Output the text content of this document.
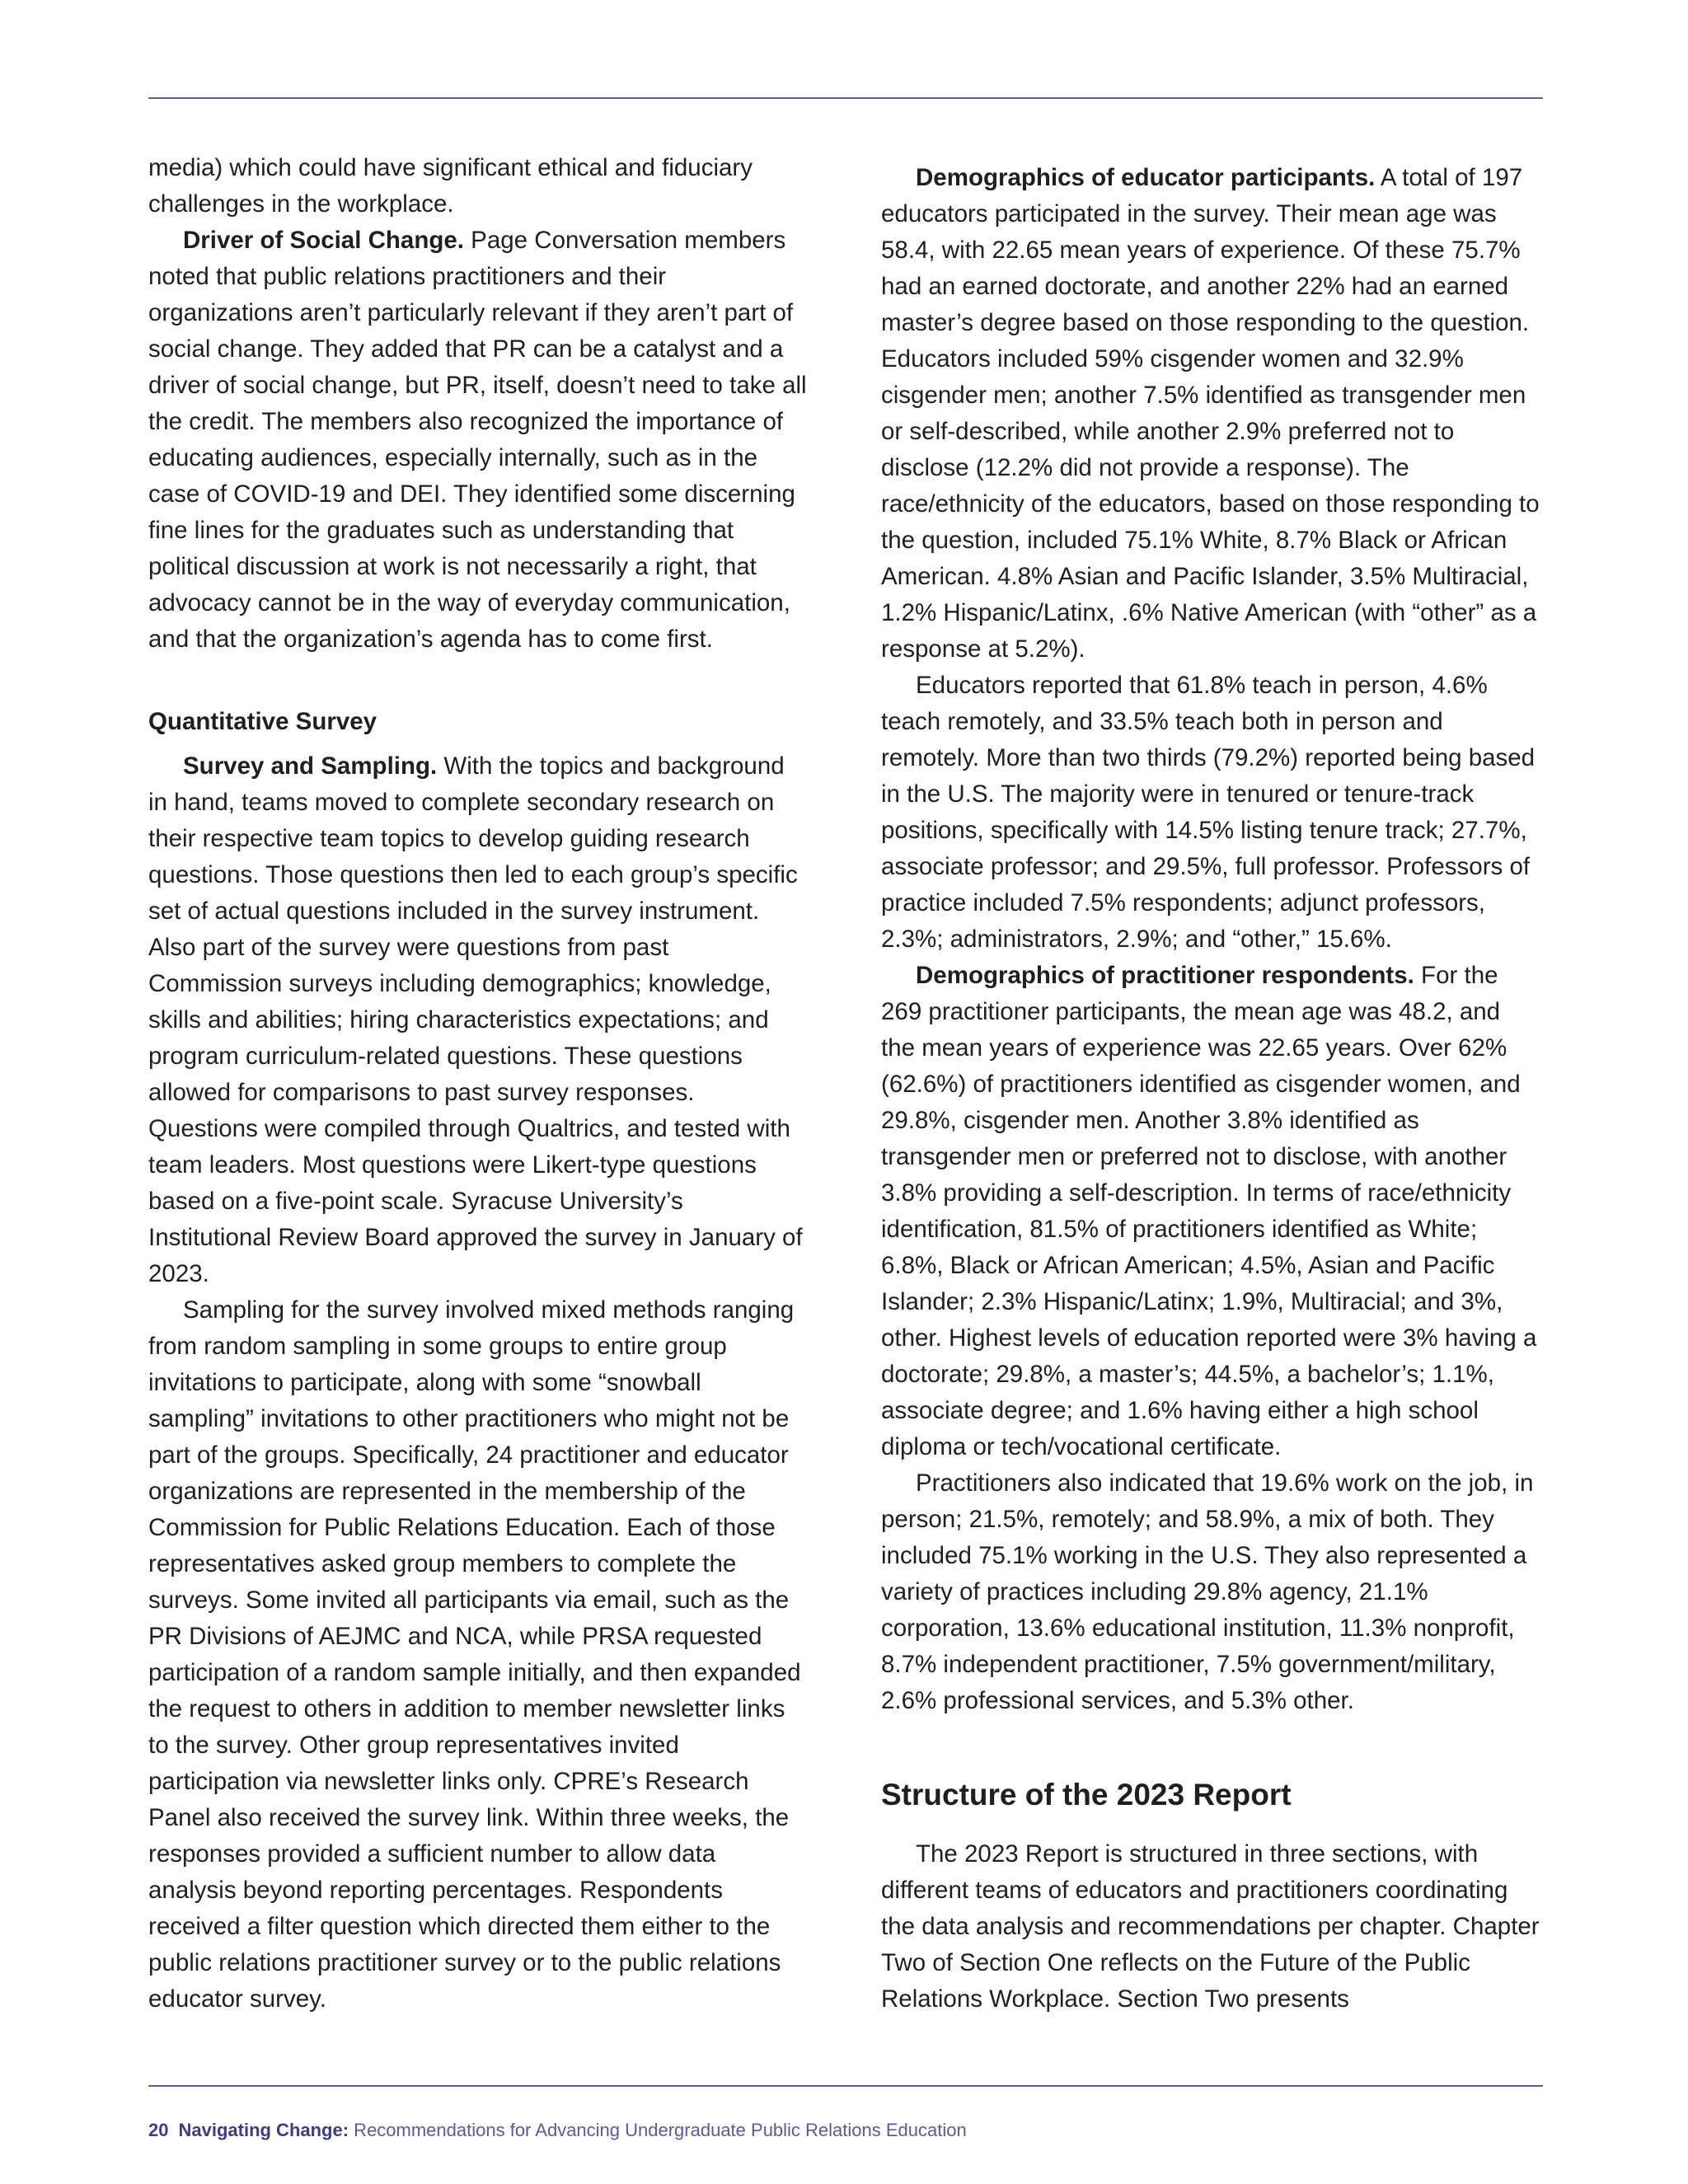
media) which could have significant ethical and fiduciary challenges in the workplace.

Driver of Social Change. Page Conversation members noted that public relations practitioners and their organizations aren’t particularly relevant if they aren’t part of social change. They added that PR can be a catalyst and a driver of social change, but PR, itself, doesn’t need to take all the credit. The members also recognized the importance of educating audiences, especially internally, such as in the case of COVID-19 and DEI. They identified some discerning fine lines for the graduates such as understanding that political discussion at work is not necessarily a right, that advocacy cannot be in the way of everyday communication, and that the organization’s agenda has to come first.

Quantitative Survey

Survey and Sampling. With the topics and background in hand, teams moved to complete secondary research on their respective team topics to develop guiding research questions. Those questions then led to each group’s specific set of actual questions included in the survey instrument. Also part of the survey were questions from past Commission surveys including demographics; knowledge, skills and abilities; hiring characteristics expectations; and program curriculum-related questions. These questions allowed for comparisons to past survey responses. Questions were compiled through Qualtrics, and tested with team leaders. Most questions were Likert-type questions based on a five-point scale. Syracuse University’s Institutional Review Board approved the survey in January of 2023.

Sampling for the survey involved mixed methods ranging from random sampling in some groups to entire group invitations to participate, along with some “snowball sampling” invitations to other practitioners who might not be part of the groups. Specifically, 24 practitioner and educator organizations are represented in the membership of the Commission for Public Relations Education. Each of those representatives asked group members to complete the surveys. Some invited all participants via email, such as the PR Divisions of AEJMC and NCA, while PRSA requested participation of a random sample initially, and then expanded the request to others in addition to member newsletter links to the survey. Other group representatives invited participation via newsletter links only. CPRE’s Research Panel also received the survey link. Within three weeks, the responses provided a sufficient number to allow data analysis beyond reporting percentages. Respondents received a filter question which directed them either to the public relations practitioner survey or to the public relations educator survey.

Demographics of educator participants. A total of 197 educators participated in the survey. Their mean age was 58.4, with 22.65 mean years of experience. Of these 75.7% had an earned doctorate, and another 22% had an earned master’s degree based on those responding to the question. Educators included 59% cisgender women and 32.9% cisgender men; another 7.5% identified as transgender men or self-described, while another 2.9% preferred not to disclose (12.2% did not provide a response). The race/ethnicity of the educators, based on those responding to the question, included 75.1% White, 8.7% Black or African American. 4.8% Asian and Pacific Islander, 3.5% Multiracial, 1.2% Hispanic/Latinx, .6% Native American (with “other” as a response at 5.2%).

Educators reported that 61.8% teach in person, 4.6% teach remotely, and 33.5% teach both in person and remotely. More than two thirds (79.2%) reported being based in the U.S. The majority were in tenured or tenure-track positions, specifically with 14.5% listing tenure track; 27.7%, associate professor; and 29.5%, full professor. Professors of practice included 7.5% respondents; adjunct professors, 2.3%; administrators, 2.9%; and “other,” 15.6%.

Demographics of practitioner respondents. For the 269 practitioner participants, the mean age was 48.2, and the mean years of experience was 22.65 years. Over 62% (62.6%) of practitioners identified as cisgender women, and 29.8%, cisgender men. Another 3.8% identified as transgender men or preferred not to disclose, with another 3.8% providing a self-description. In terms of race/ethnicity identification, 81.5% of practitioners identified as White; 6.8%, Black or African American; 4.5%, Asian and Pacific Islander; 2.3% Hispanic/Latinx; 1.9%, Multiracial; and 3%, other. Highest levels of education reported were 3% having a doctorate; 29.8%, a master’s; 44.5%, a bachelor’s; 1.1%, associate degree; and 1.6% having either a high school diploma or tech/vocational certificate.

Practitioners also indicated that 19.6% work on the job, in person; 21.5%, remotely; and 58.9%, a mix of both. They included 75.1% working in the U.S. They also represented a variety of practices including 29.8% agency, 21.1% corporation, 13.6% educational institution, 11.3% nonprofit, 8.7% independent practitioner, 7.5% government/military, 2.6% professional services, and 5.3% other.

Structure of the 2023 Report

The 2023 Report is structured in three sections, with different teams of educators and practitioners coordinating the data analysis and recommendations per chapter. Chapter Two of Section One reflects on the Future of the Public Relations Workplace. Section Two presents

20 Navigating Change: Recommendations for Advancing Undergraduate Public Relations Education
